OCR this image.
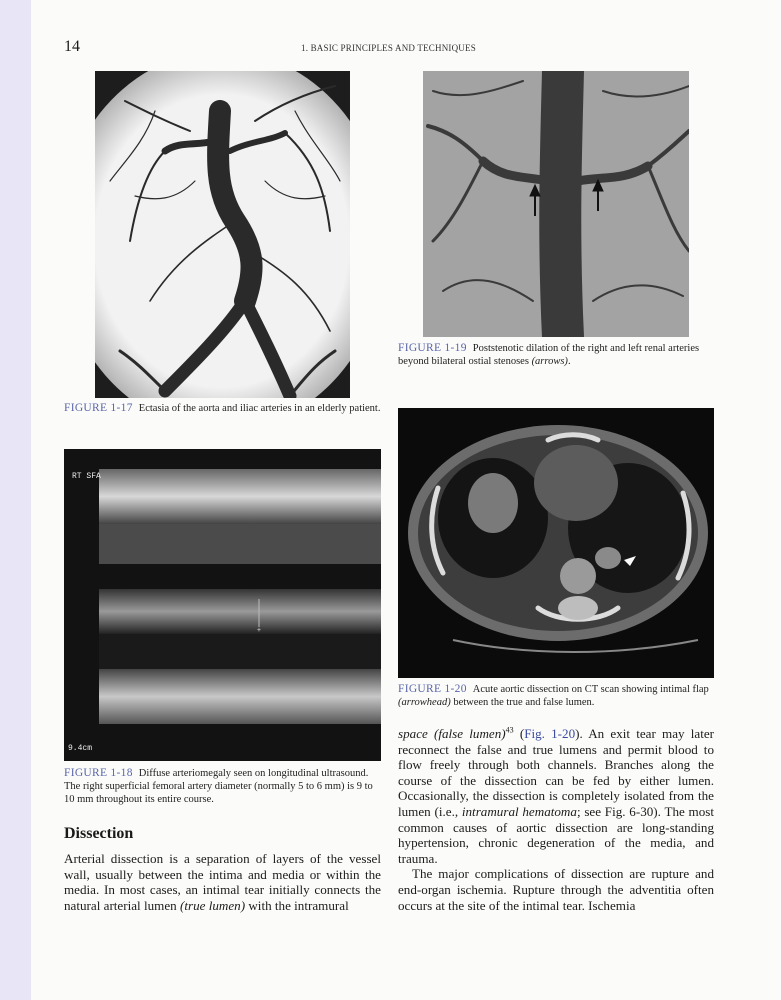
14	1. BASIC PRINCIPLES AND TECHNIQUES
FIGURE 1-17 Ectasia of the aorta and iliac arteries in an elderly patient.
FIGURE 1-19 Poststenotic dilation of the right and left renal arteries beyond bilateral ostial stenoses (arrows).
+
RT SFA
9.4cm
FIGURE 1-18 Diffuse arteriomegaly seen on longitudinal ultrasound. The right superficial femoral artery diameter (normally 5 to 6 mm) is 9 to 10 mm throughout its entire course.
FIGURE 1-20 Acute aortic dissection on CT scan showing intimal flap (arrowhead) between the true and false lumen.
Dissection

Arterial dissection is a separation of layers of the vessel wall, usually between the intima and media or within the media. In most cases, an intimal tear initially connects the natural arterial lumen (true lumen) with the intramural

space (false lumen)$^{43}$ (Fig. 1-20). An exit tear may later reconnect the false and true lumens and permit blood to flow freely through both channels. Branches along the course of the dissection can be fed by either lumen. Occasionally, the dissection is completely isolated from the lumen (i.e., intramural hematoma; see Fig. 6-30). The most common causes of aortic dissection are long-standing hypertension, chronic degeneration of the media, and trauma.

The major complications of dissection are rupture and end-organ ischemia. Rupture through the adventitia often occurs at the site of the intimal tear. Ischemia
